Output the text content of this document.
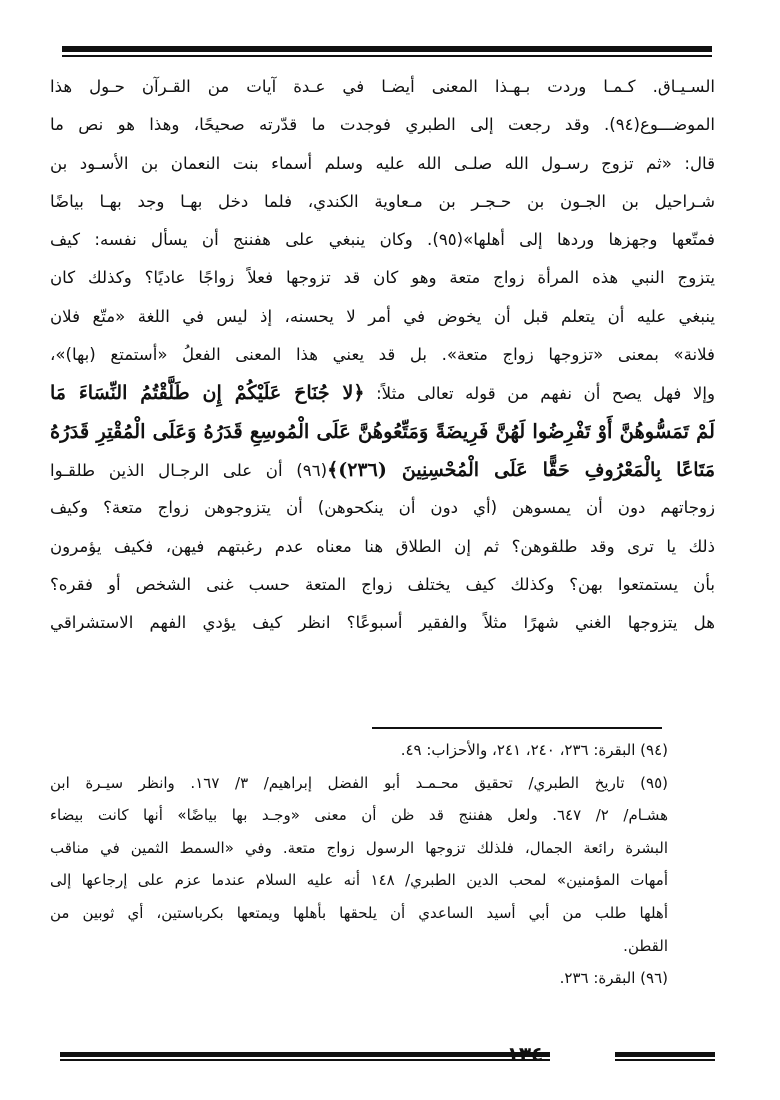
السـيـاق. كـمـا وردت بـهـذا المعنى أيضـا في عـدة آيات من القـرآن حـول هذا
الموضـــوع(٩٤). وقد رجعت إلى الطبري فوجدت ما قدّرته صحيحًا، وهذا هو نص ما
قال: «ثم تزوج رسـول الله صلـى الله عليه وسلم أسماء بنت النعمان بن الأسـود بن
شـراحيل بن الجـون بن حـجـر بن مـعاوية الكندي، فلما دخل بهـا وجد بهـا بياضًا
فمتّعها وجهزها وردها إلى أهلها»(٩٥). وكان ينبغي على هفننج أن يسأل نفسه: كيف
يتزوج النبي هذه المرأة زواج متعة وهو كان قد تزوجها فعلاً زواجًا عاديًا؟ وكذلك كان
ينبغي عليه أن يتعلم قبل أن يخوض في أمر لا يحسنه، إذ ليس في اللغة «متّع فلان
فلانة» بمعنى «تزوجها زواج متعة». بل قد يعني هذا المعنى الفعلُ «أستمتع (بها)»،
وإلا فهل يصح أن نفهم من قوله تعالى مثلاً: ﴿لا جُنَاحَ عَلَيْكُمْ إِن طَلَّقْتُمُ النِّسَاءَ مَا
لَمْ تَمَسُّوهُنَّ أَوْ تَفْرِضُوا لَهُنَّ فَرِيضَةً وَمَتِّعُوهُنَّ عَلَى الْمُوسِعِ قَدَرُهُ وَعَلَى الْمُقْتِرِ قَدَرُهُ
مَتَاعًا بِالْمَعْرُوفِ حَقًّا عَلَى الْمُحْسِنِينَ (٢٣٦)﴾(٩٦) أن على الرجـال الذين طلقـوا
زوجاتهم دون أن يمسوهن (أي دون أن ينكحوهن) أن يتزوجوهن زواج متعة؟ وكيف
ذلك يا ترى وقد طلقوهن؟ ثم إن الطلاق هنا معناه عدم رغبتهم فيهن، فكيف يؤمرون
بأن يستمتعوا بهن؟ وكذلك كيف يختلف زواج المتعة حسب غنى الشخص أو فقره؟
هل يتزوجها الغني شهرًا مثلاً والفقير أسبوعًا؟ انظر كيف يؤدي الفهم الاستشراقي
(٩٤) البقرة: ٢٣٦، ٢٤٠، ٢٤١، والأحزاب: ٤٩.
(٩٥) تاريخ الطبري/ تحقيق محـمـد أبو الفضل إبراهيم/ ٣/ ١٦٧. وانظر سيـرة ابن
هشـام/ ٢/ ٦٤٧. ولعل هفننج قد ظن أن معنى «وجـد بها بياضًا» أنها كانت بيضاء
البشرة رائعة الجمال، فلذلك تزوجها الرسول زواج متعة. وفي «السمط الثمين في مناقب
أمهات المؤمنين» لمحب الدين الطبري/ ١٤٨ أنه عليه السلام عندما عزم على إرجاعها إلى
أهلها طلب من أبي أسيد الساعدي أن يلحقها بأهلها ويمتعها بكرباستين، أي ثوبين من
القطن.
(٩٦) البقرة: ٢٣٦.
١٣٤
